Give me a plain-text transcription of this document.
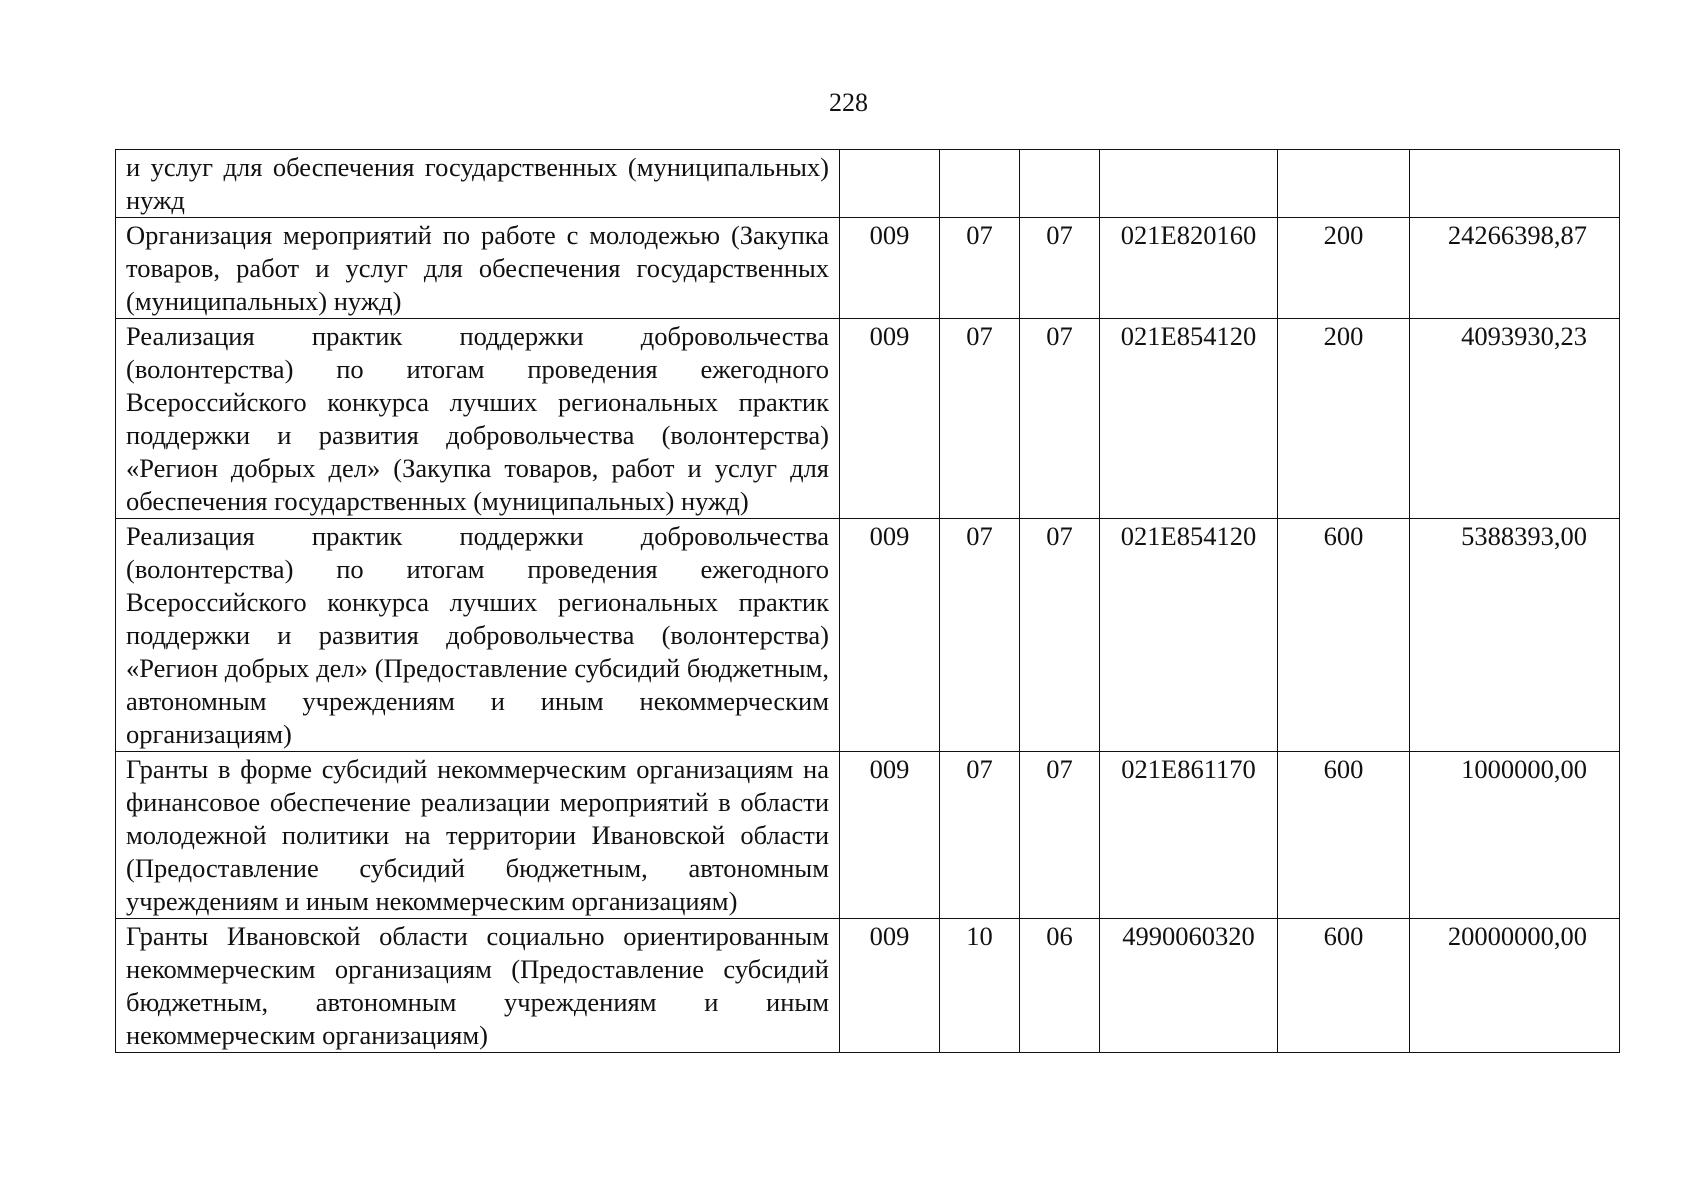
228
и услуг для обеспечения государственных (муниципальных) нужд						
Организация мероприятий по работе с молодежью (Закупка товаров, работ и услуг для обеспечения государственных (муниципальных) нужд)	009	07	07	021E820160	200	24266398,87
Реализация практик поддержки добровольчества (волонтерства) по итогам проведения ежегодного Всероссийского конкурса лучших региональных практик поддержки и развития добровольчества (волонтерства) «Регион добрых дел» (Закупка товаров, работ и услуг для обеспечения государственных (муниципальных) нужд)	009	07	07	021E854120	200	4093930,23
Реализация практик поддержки добровольчества (волонтерства) по итогам проведения ежегодного Всероссийского конкурса лучших региональных практик поддержки и развития добровольчества (волонтерства) «Регион добрых дел» (Предоставление субсидий бюджетным, автономным учреждениям и иным некоммерческим организациям)	009	07	07	021E854120	600	5388393,00
Гранты в форме субсидий некоммерческим организациям на финансовое обеспечение реализации мероприятий в области молодежной политики на территории Ивановской области (Предоставление субсидий бюджетным, автономным учреждениям и иным некоммерческим организациям)	009	07	07	021E861170	600	1000000,00
Гранты Ивановской области социально ориентированным некоммерческим организациям (Предоставление субсидий бюджетным, автономным учреждениям и иным некоммерческим организациям)	009	10	06	4990060320	600	20000000,00
